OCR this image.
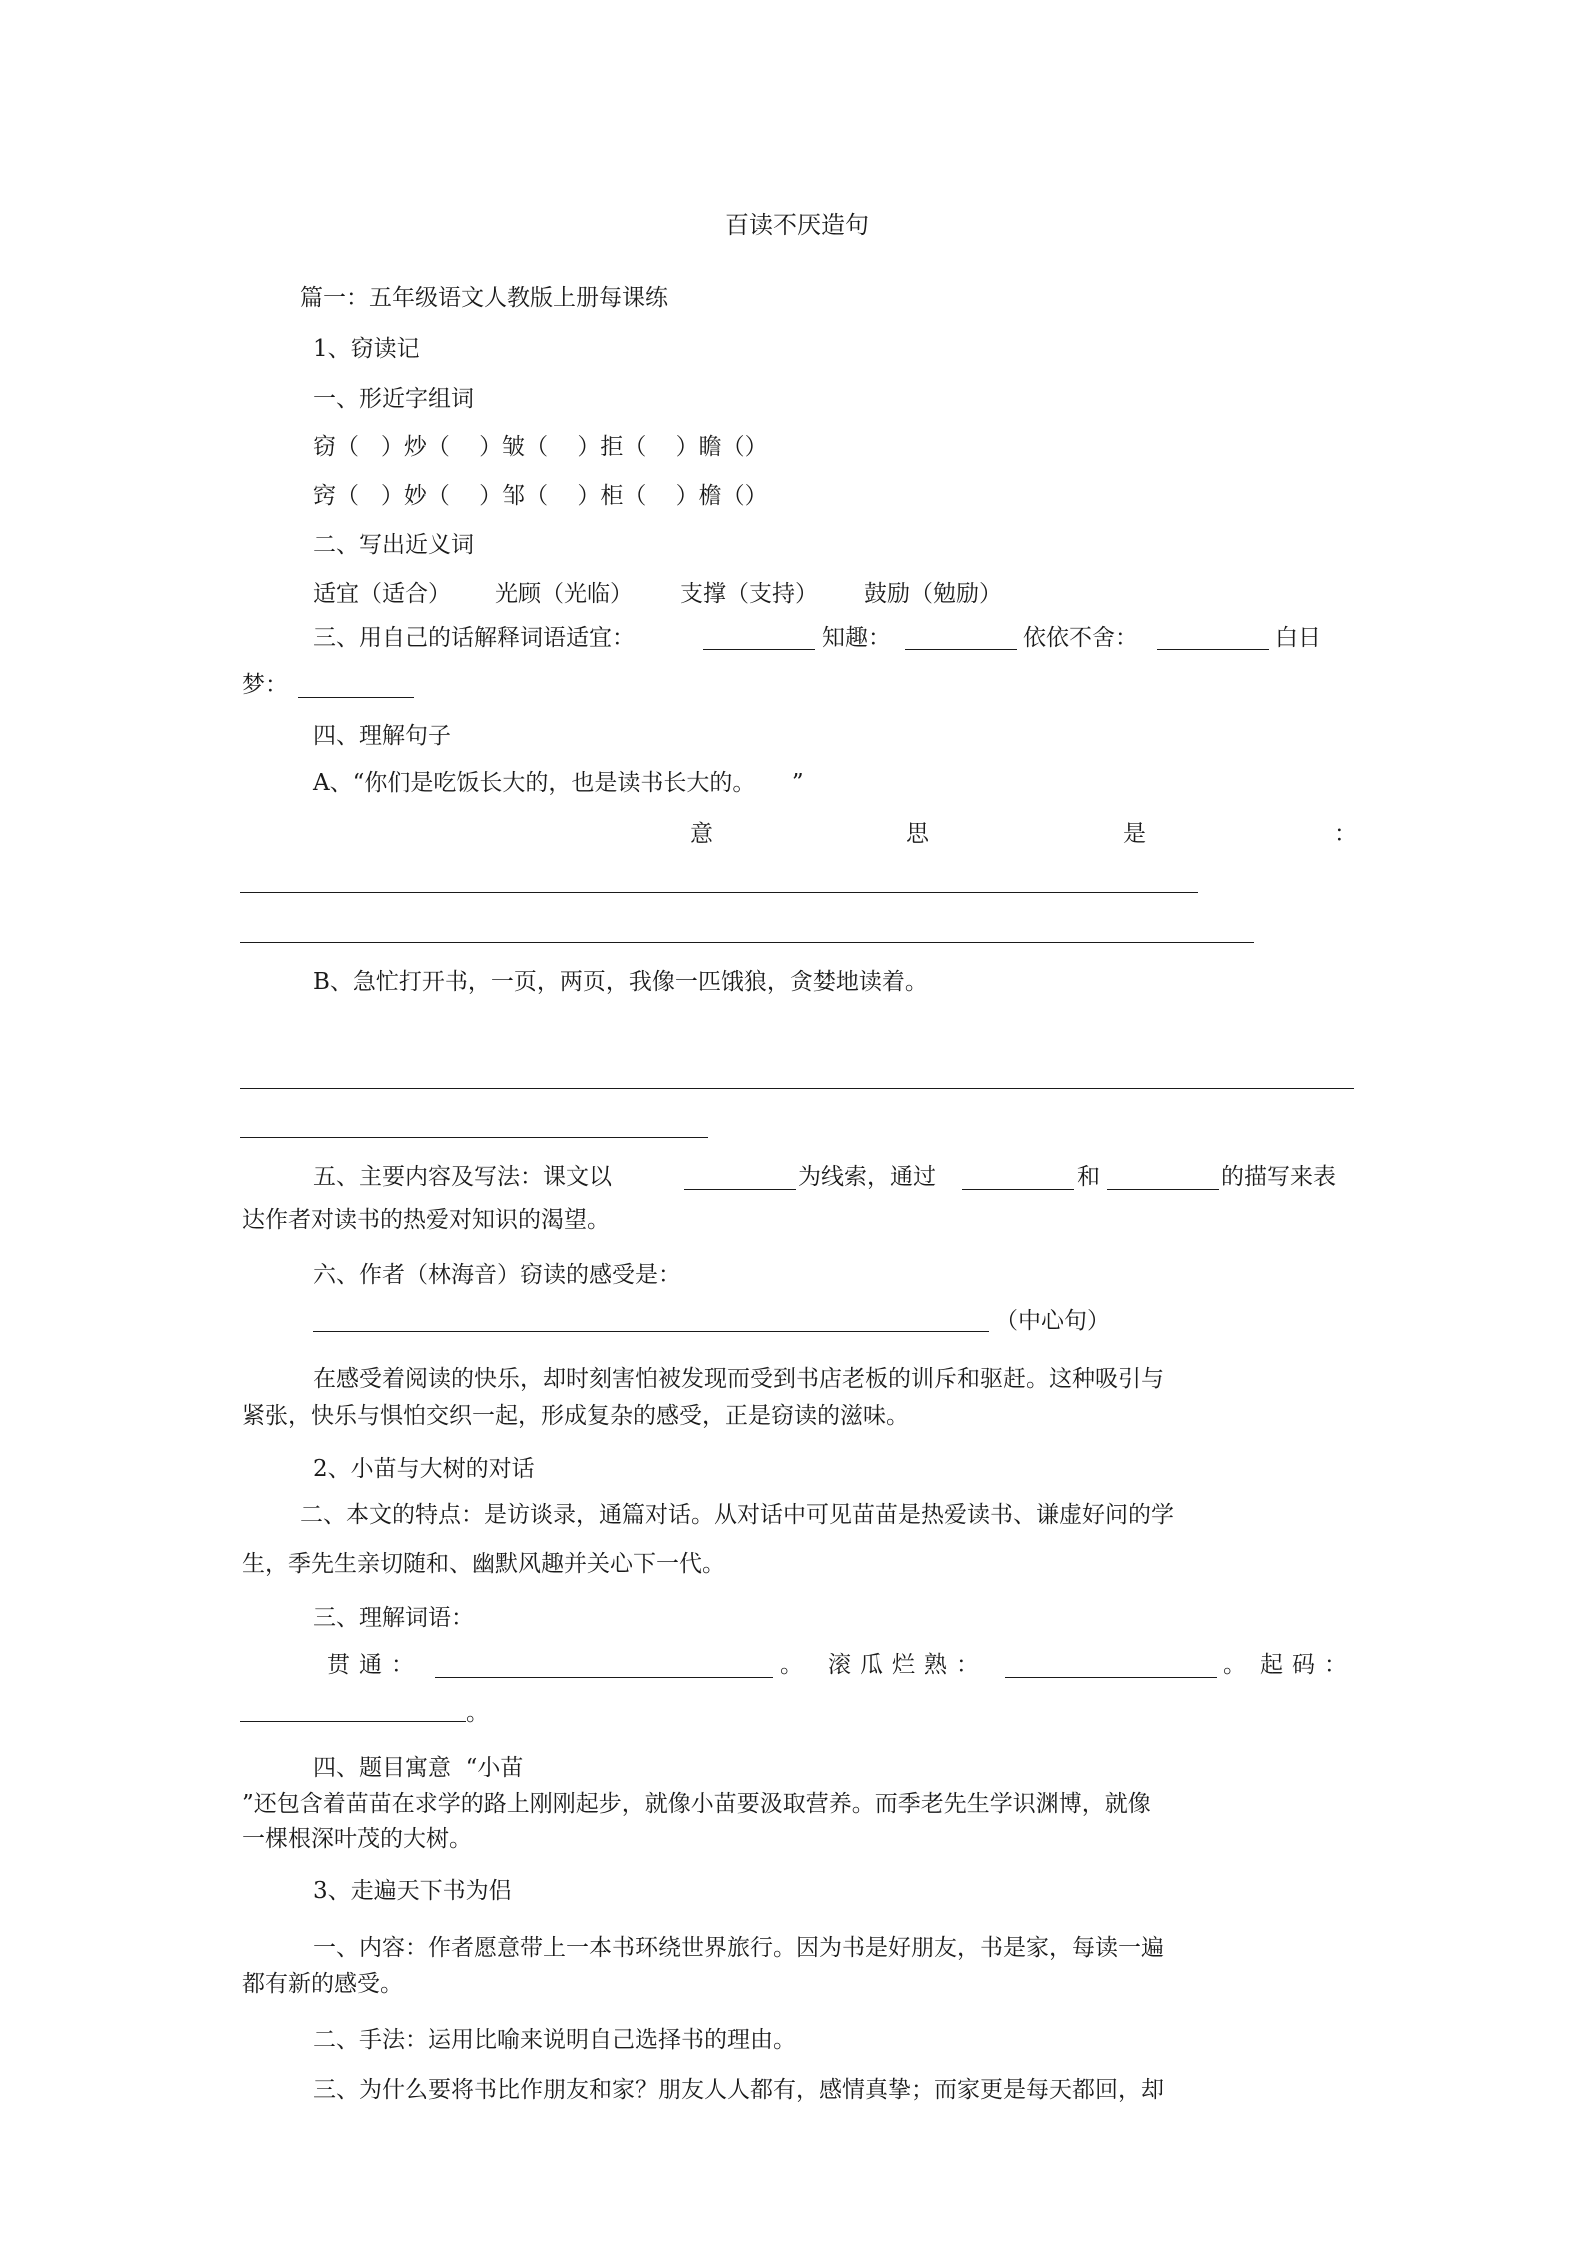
百读不厌造句
篇一：五年级语文人教版上册每课练
1、窃读记
一、形近字组词
窃（   ）炒（    ）皱（    ）拒（    ）瞻（）
窍（   ）妙（    ）邹（    ）柜（    ）檐（）
二、写出近义词
适宜（适合） 光顾（光临） 支撑（支持） 鼓励（勉励）
三、用自己的话解释词语适宜：	知趣：	依依不舍：	白日
梦：
四、理解句子
A、“你们是吃饭长大的，也是读书长大的。     ”
意	思	是	：
B、急忙打开书，一页，两页，我像一匹饿狼，贪婪地读着。
五、主要内容及写法：课文以	为线索，通过	和	的描写来表
达作者对读书的热爱对知识的渴望。
六、作者（林海音）窃读的感受是：
（中心句）
在感受着阅读的快乐，却时刻害怕被发现而受到书店老板的训斥和驱赶。这种吸引与
紧张，快乐与惧怕交织一起，形成复杂的感受，正是窃读的滋味。
2、小苗与大树的对话
二、本文的特点：是访谈录，通篇对话。从对话中可见苗苗是热爱读书、谦虚好问的学
生，季先生亲切随和、幽默风趣并关心下一代。
三、理解词语：
贯通：	。 滚瓜烂熟：	。 起码：
。
四、题目寓意  “小苗
”还包含着苗苗在求学的路上刚刚起步，就像小苗要汲取营养。而季老先生学识渊博，就像
一棵根深叶茂的大树。
3、走遍天下书为侣
一、内容：作者愿意带上一本书环绕世界旅行。因为书是好朋友，书是家，每读一遍
都有新的感受。
二、手法：运用比喻来说明自己选择书的理由。
三、为什么要将书比作朋友和家？朋友人人都有，感情真挚；而家更是每天都回，却
